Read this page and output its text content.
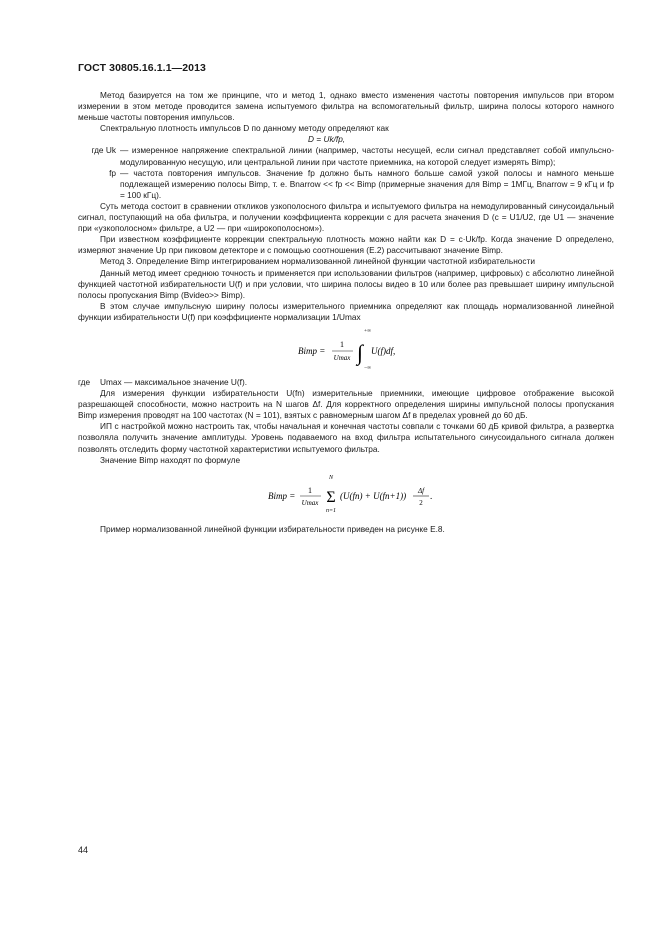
ГОСТ 30805.16.1.1—2013

Метод базируется на том же принципе, что и метод 1, однако вместо изменения частоты повторения импульсов при втором измерении в этом методе проводится замена испытуемого фильтра на вспомогательный фильтр, ширина полосы которого намного меньше частоты повторения импульсов.

Спектральную плотность импульсов D по данному методу определяют как

D = Uk/fp,

где Uk — измеренное напряжение спектральной линии (например, частоты несущей, если сигнал представляет собой импульсно-модулированную несущую, или центральной линии при частоте приемника, на которой следует измерять Bimp);
fp — частота повторения импульсов. Значение fp должно быть намного больше самой узкой полосы и намного меньше подлежащей измерению полосы Bimp, т. е. Bnarrow << fp << Bimp (примерные значения для Bimp = 1МГц, Bnarrow = 9 кГц и fp = 100 кГц).

Суть метода состоит в сравнении откликов узкополосного фильтра и испытуемого фильтра на немодулированный синусоидальный сигнал, поступающий на оба фильтра, и получении коэффициента коррекции c для расчета значения D (c = U1/U2, где U1 — значение при «узкополосном» фильтре, а U2 — при «широкополосном»).

При известном коэффициенте коррекции спектральную плотность можно найти как D = c·Uk/fp. Когда значение D определено, измеряют значение Up при пиковом детекторе и с помощью соотношения (Е.2) рассчитывают значение Bimp.

Метод 3. Определение Bimp интегрированием нормализованной линейной функции частотной избирательности

Данный метод имеет среднюю точность и применяется при использовании фильтров (например, цифровых) с абсолютно линейной функцией частотной избирательности U(f) и при условии, что ширина полосы видео в 10 или более раз превышает ширину импульсной полосы пропускания Bimp (Bvideo>> Bimp).

В этом случае импульсную ширину полосы измерительного приемника определяют как площадь нормализованной линейной функции избирательности U(f) при коэффициенте нормализации 1/Umax

Bimp =
1
Umax
+∞
∫
−∞
U(f)df,
где	Umax — максимальное значение U(f).

Для измерения функции избирательности U(fn) измерительные приемники, имеющие цифровое отображение высокой разрешающей способности, можно настроить на N шагов Δf. Для корректного определения ширины импульсной полосы пропускания Bimp измерения проводят на 100 частотах (N = 101), взятых с равномерным шагом Δf в пределах уровней до 60 дБ.

ИП с настройкой можно настроить так, чтобы начальная и конечная частоты совпали с точками 60 дБ кривой фильтра, а развертка позволяла получить значение амплитуды. Уровень подаваемого на вход фильтра испытательного синусоидального сигнала должен позволять отследить форму частотной характеристики испытуемого фильтра.

Значение Bimp находят по формуле

Bimp =
1
Umax
N
Σ
n=1
(U(fn) + U(fn+1)) Δf
2
.

Пример нормализованной линейной функции избирательности приведен на рисунке Е.8.

44
